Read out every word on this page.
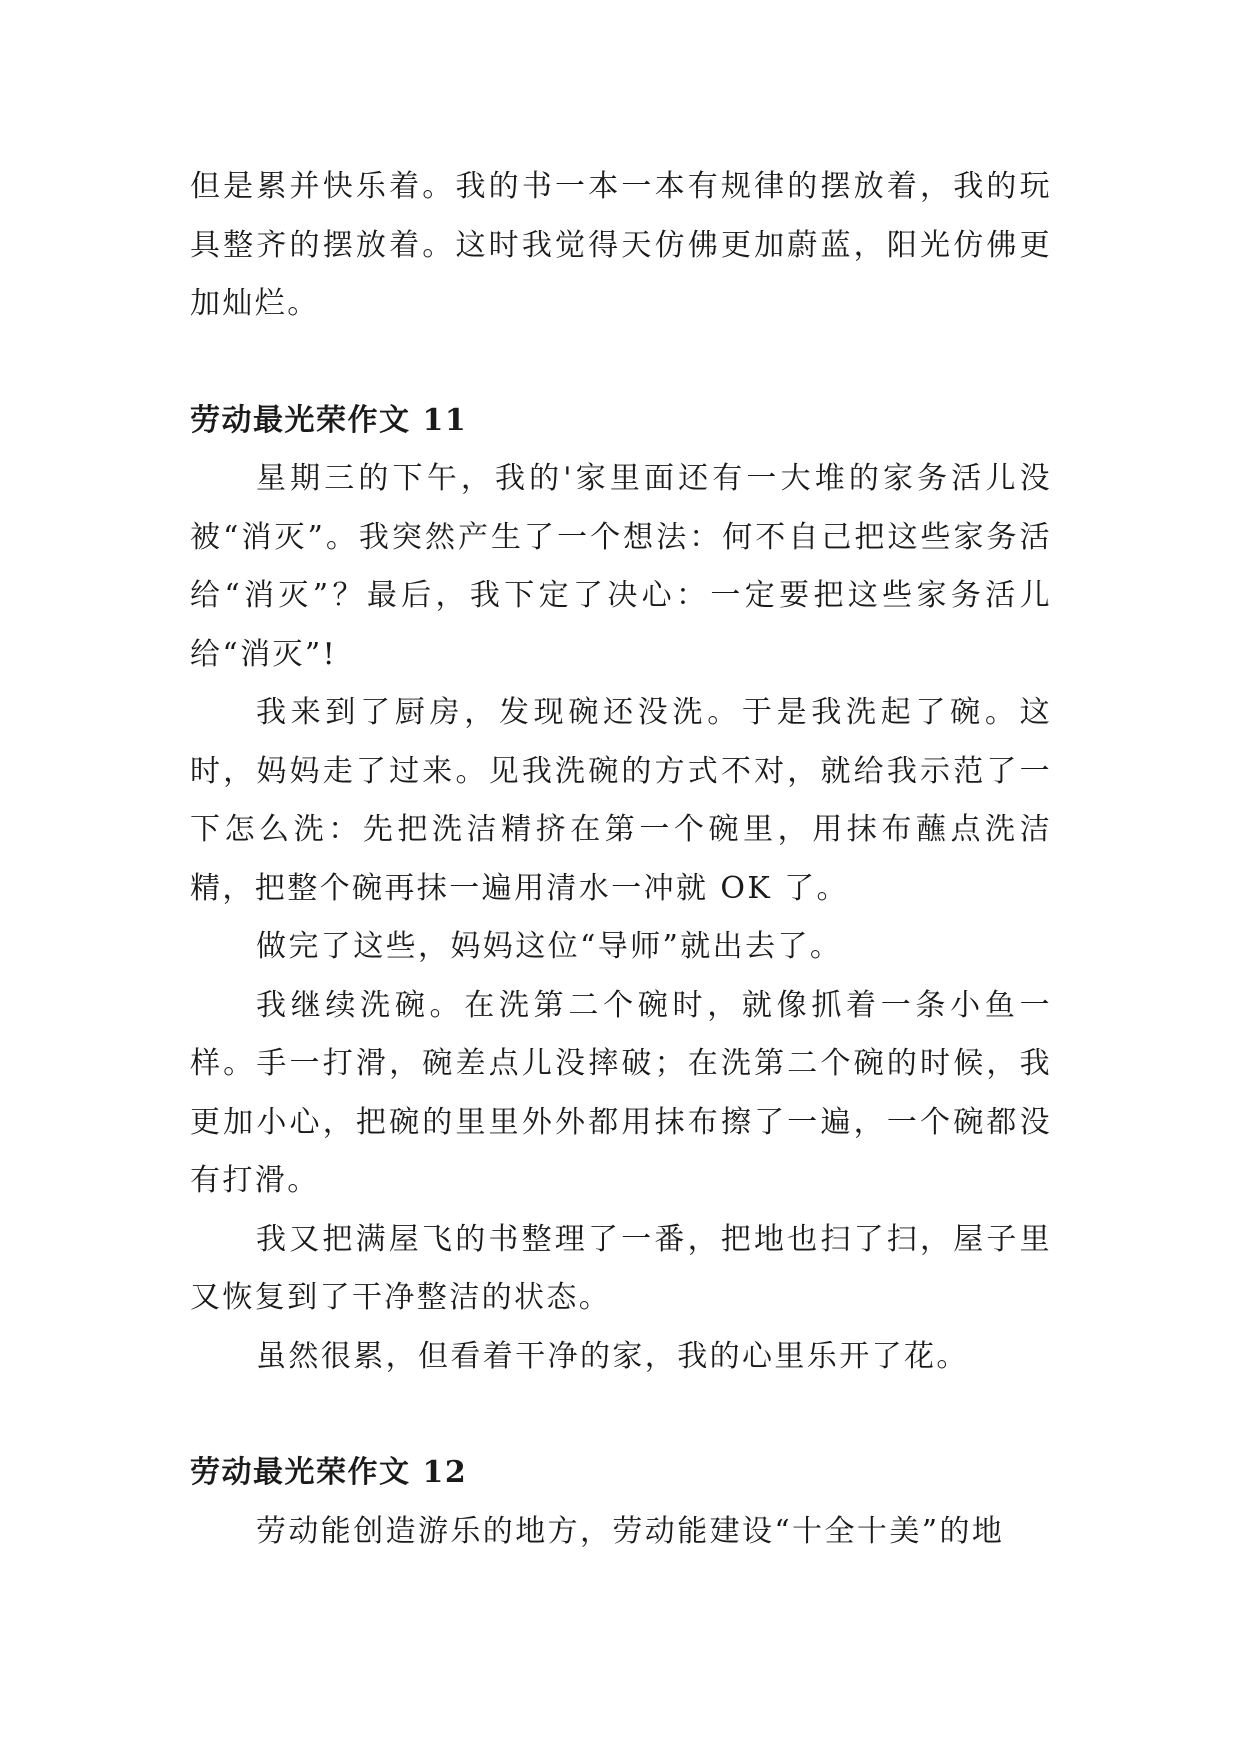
但是累并快乐着。我的书一本一本有规律的摆放着，我的玩具整齐的摆放着。这时我觉得天仿佛更加蔚蓝，阳光仿佛更加灿烂。

劳动最光荣作文 11

星期三的下午，我的'家里面还有一大堆的家务活儿没被“消灭”。我突然产生了一个想法：何不自己把这些家务活给“消灭”？最后，我下定了决心：一定要把这些家务活儿给“消灭”!

我来到了厨房，发现碗还没洗。于是我洗起了碗。这时，妈妈走了过来。见我洗碗的方式不对，就给我示范了一下怎么洗：先把洗洁精挤在第一个碗里，用抹布蘸点洗洁精，把整个碗再抹一遍用清水一冲就 OK 了。

做完了这些，妈妈这位“导师”就出去了。

我继续洗碗。在洗第二个碗时，就像抓着一条小鱼一样。手一打滑，碗差点儿没摔破；在洗第二个碗的时候，我更加小心，把碗的里里外外都用抹布擦了一遍，一个碗都没有打滑。

我又把满屋飞的书整理了一番，把地也扫了扫，屋子里又恢复到了干净整洁的状态。

虽然很累，但看着干净的家，我的心里乐开了花。

劳动最光荣作文 12

劳动能创造游乐的地方，劳动能建设“十全十美”的地
